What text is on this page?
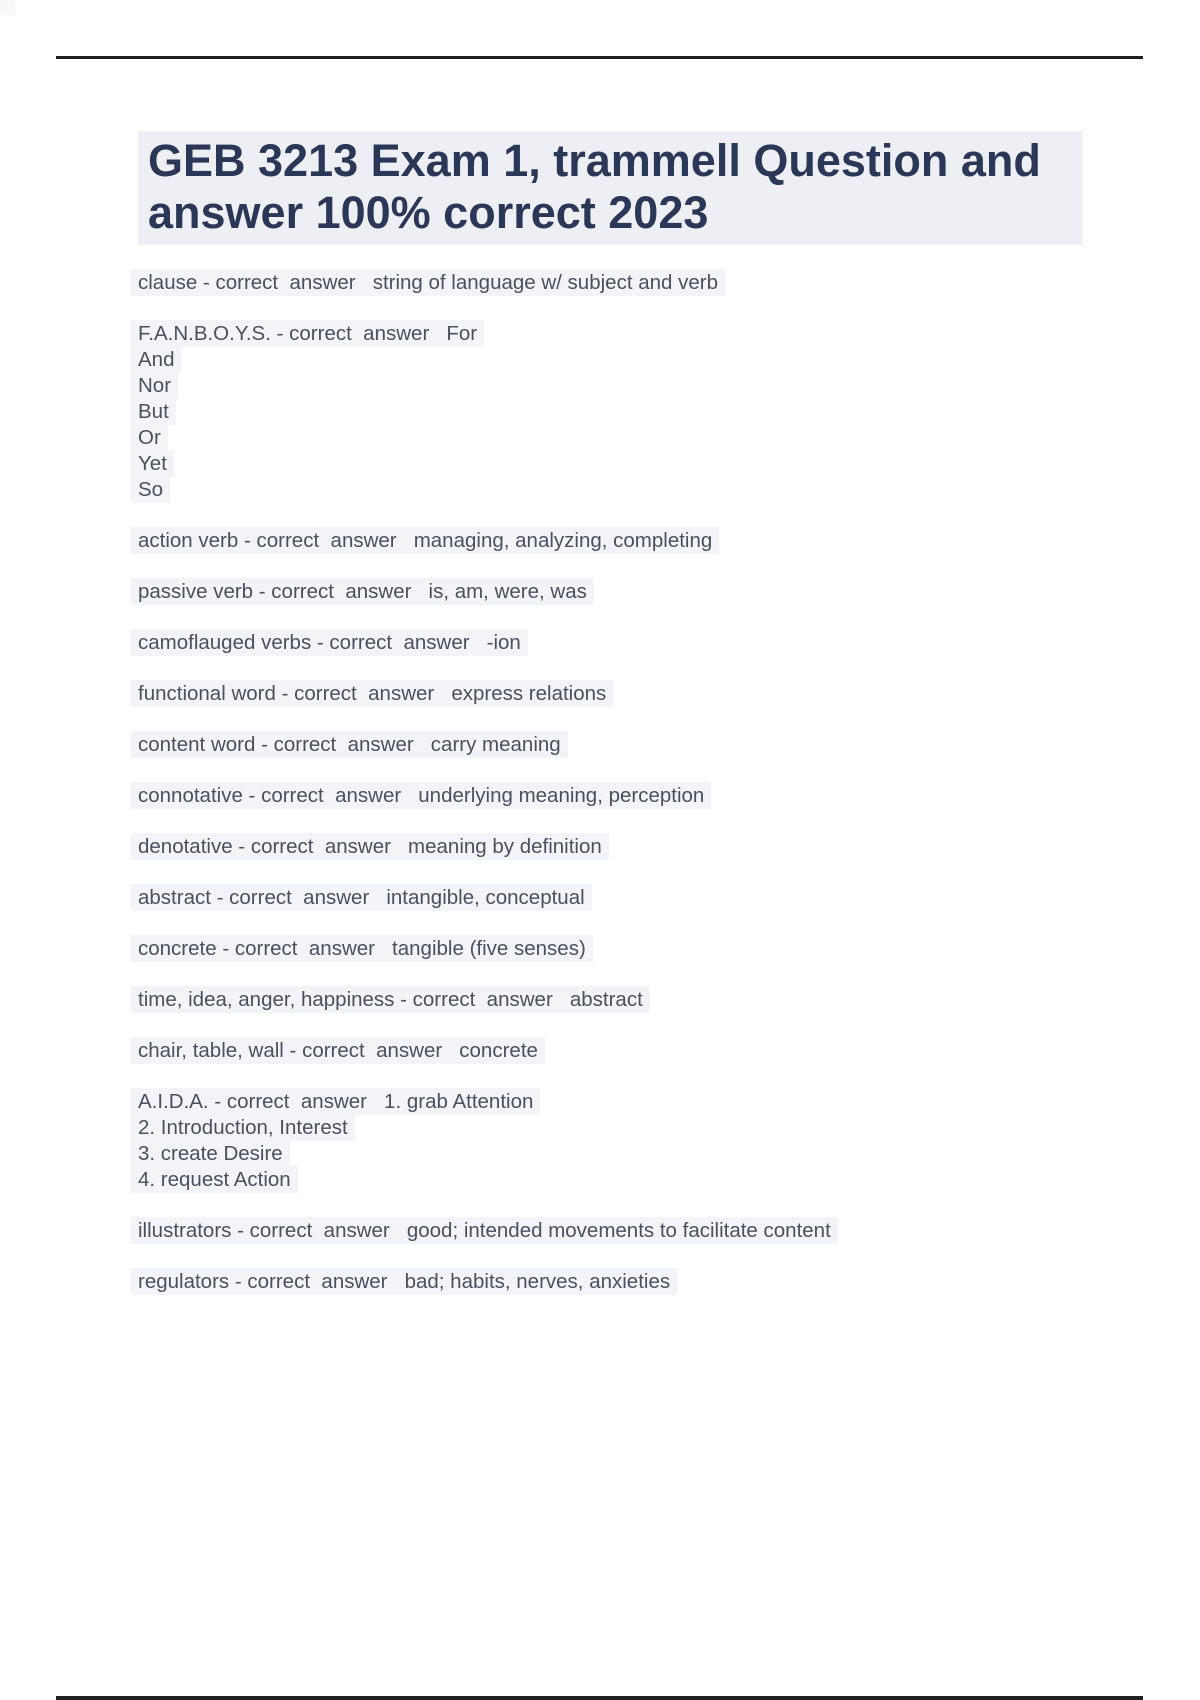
GEB 3213 Exam 1, trammell Question and answer 100% correct 2023
clause - correct  answer   string of language w/ subject and verb
F.A.N.B.O.Y.S. - correct  answer   For
And
Nor
But
Or
Yet
So
action verb - correct  answer   managing, analyzing, completing
passive verb - correct  answer   is, am, were, was
camoflauged verbs - correct  answer   -ion
functional word - correct  answer   express relations
content word - correct  answer   carry meaning
connotative - correct  answer   underlying meaning, perception
denotative - correct  answer   meaning by definition
abstract - correct  answer   intangible, conceptual
concrete - correct  answer   tangible (five senses)
time, idea, anger, happiness - correct  answer   abstract
chair, table, wall - correct  answer   concrete
A.I.D.A. - correct  answer   1. grab Attention
2. Introduction, Interest
3. create Desire
4. request Action
illustrators - correct  answer   good; intended movements to facilitate content
regulators - correct  answer   bad; habits, nerves, anxieties
